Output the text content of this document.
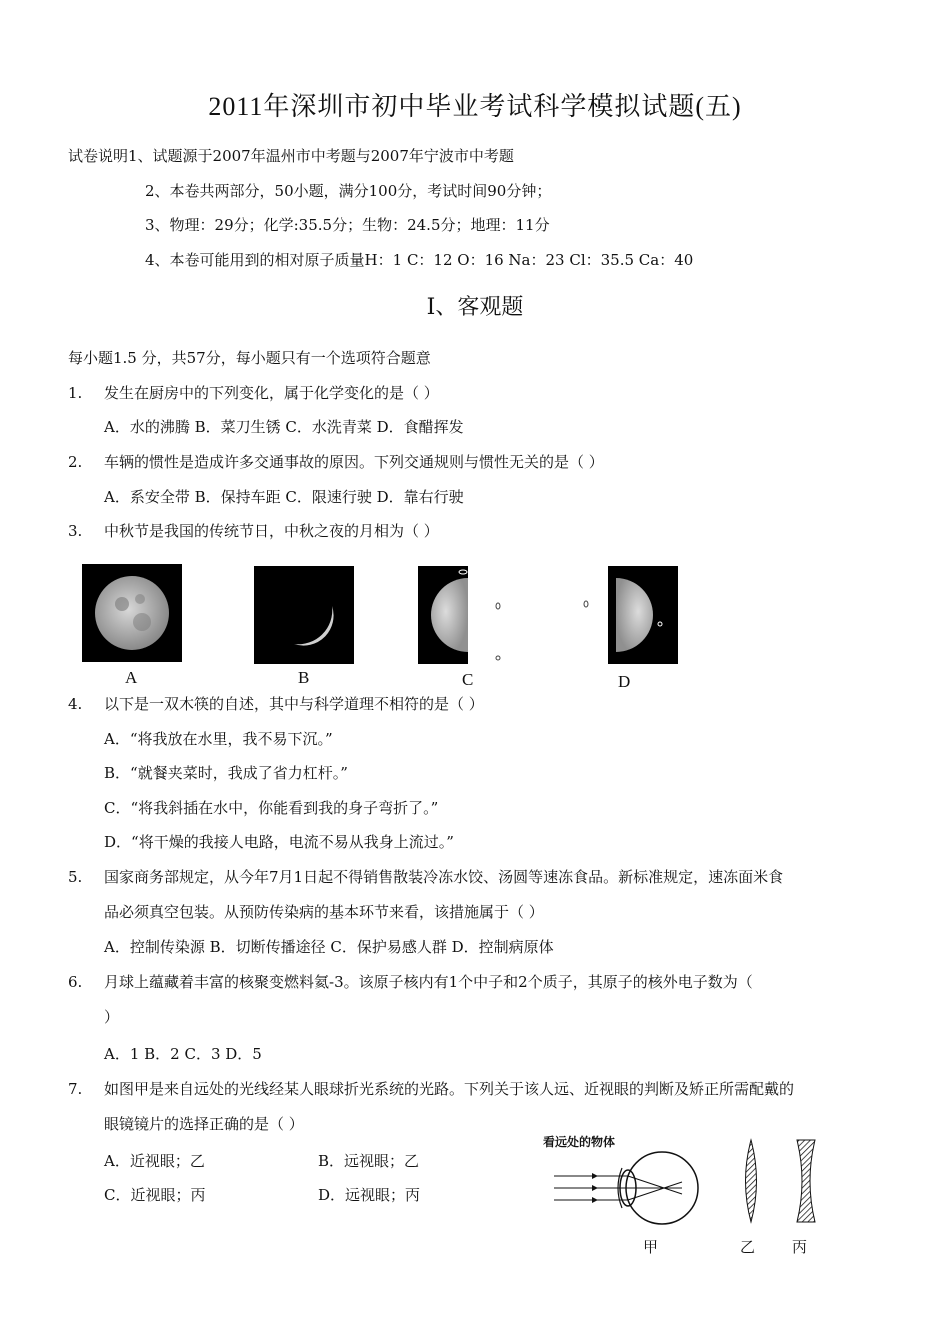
2011年深圳市初中毕业考试科学模拟试题(五)
试卷说明1、试题源于2007年温州市中考题与2007年宁波市中考题
2、本卷共两部分，50小题，满分100分，考试时间90分钟；
3、物理：29分；化学:35.5分；生物：24.5分；地理：11分
4、本卷可能用到的相对原子质量H：1 C：12 O：16 Na：23 Cl：35.5 Ca：40
Ⅰ、客观题
每小题1.5 分，共57分，每小题只有一个选项符合题意
1. 发生在厨房中的下列变化，属于化学变化的是（ ）
A．水的沸腾 B．菜刀生锈 C．水洗青菜 D．食醋挥发
2. 车辆的惯性是造成许多交通事故的原因。下列交通规则与惯性无关的是（ ）
A．系安全带 B．保持车距 C．限速行驶 D．靠右行驶
3. 中秋节是我国的传统节日，中秋之夜的月相为（ ）
A	B	C	D
4. 以下是一双木筷的自述，其中与科学道理不相符的是（ ）
A．“将我放在水里，我不易下沉。”
B．“就餐夹菜时，我成了省力杠杆。”
C．“将我斜插在水中，你能看到我的身子弯折了。”
D．“将干燥的我接人电路，电流不易从我身上流过。”
5. 国家商务部规定，从今年7月1日起不得销售散装冷冻水饺、汤圆等速冻食品。新标准规定，速冻面米食
品必须真空包装。从预防传染病的基本环节来看，该措施属于（ ）
A．控制传染源 B．切断传播途径 C．保护易感人群 D．控制病原体
6. 月球上蕴藏着丰富的核聚变燃料氦-3。该原子核内有1个中子和2个质子，其原子的核外电子数为（
）
A．1 B．2 C．3 D．5
7. 如图甲是来自远处的光线经某人眼球折光系统的光路。下列关于该人远、近视眼的判断及矫正所需配戴的
眼镜镜片的选择正确的是（ ）
A．近视眼；乙	B．远视眼；乙
C．近视眼；丙	D．远视眼；丙
看远处的物体
甲	乙 丙
